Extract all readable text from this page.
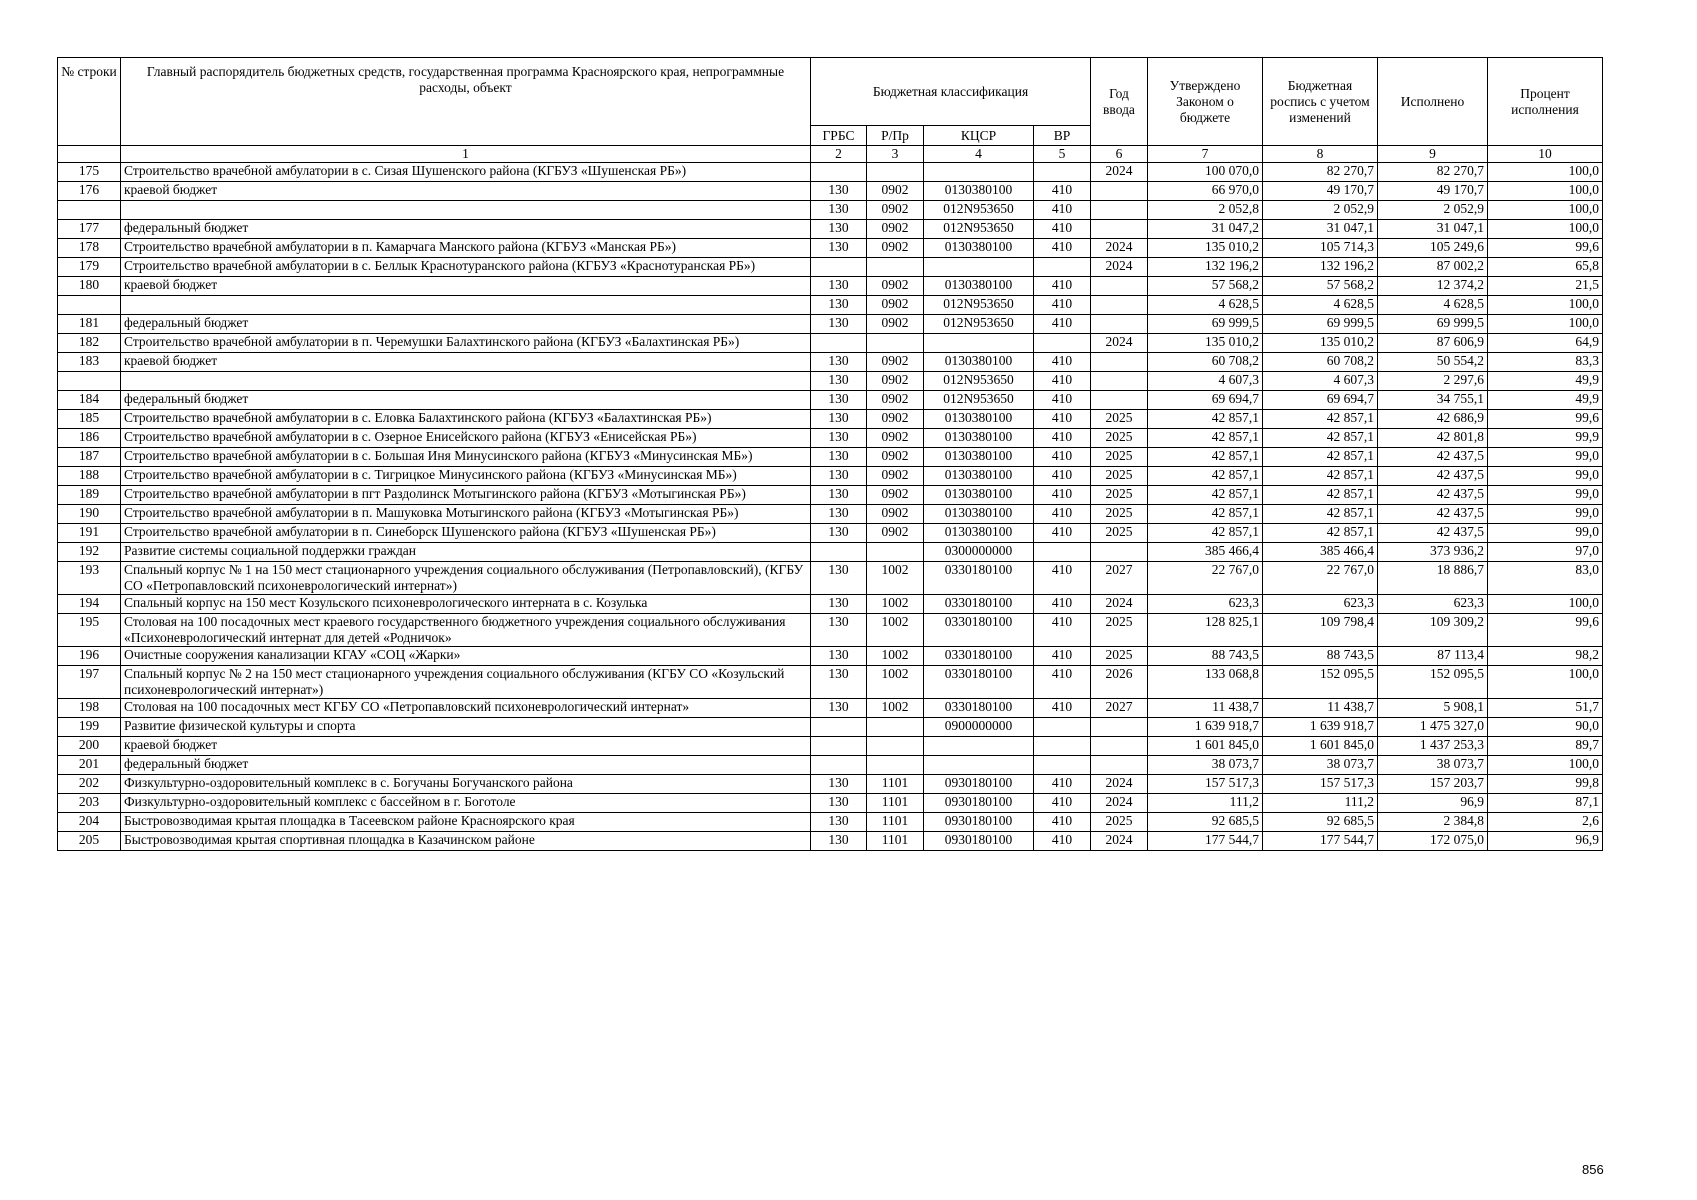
№ строки	Главный распорядитель бюджетных средств, государственная программа Красноярского края, непрограммные расходы, объект	Бюджетная классификация				Год ввода	Утверждено Законом о бюджете	Бюджетная роспись с учетом изменений	Исполнено	Процент исполнения
		ГРБС	Р/Пр	КЦСР	ВР					
	1	2	3	4	5	6	7	8	9	10
175	Строительство врачебной амбулатории в с. Сизая Шушенского района (КГБУЗ «Шушенская РБ»)					2024	100 070,0	82 270,7	82 270,7	100,0
176	краевой бюджет	130	0902	0130380100	410		66 970,0	49 170,7	49 170,7	100,0
		130	0902	012N953650	410		2 052,8	2 052,9	2 052,9	100,0
177	федеральный бюджет	130	0902	012N953650	410		31 047,2	31 047,1	31 047,1	100,0
178	Строительство врачебной амбулатории в п. Камарчага Манского района (КГБУЗ «Манская РБ»)	130	0902	0130380100	410	2024	135 010,2	105 714,3	105 249,6	99,6
179	Строительство врачебной амбулатории в с. Беллык Краснотуранского района (КГБУЗ «Краснотуранская РБ»)					2024	132 196,2	132 196,2	87 002,2	65,8
180	краевой бюджет	130	0902	0130380100	410		57 568,2	57 568,2	12 374,2	21,5
		130	0902	012N953650	410		4 628,5	4 628,5	4 628,5	100,0
181	федеральный бюджет	130	0902	012N953650	410		69 999,5	69 999,5	69 999,5	100,0
182	Строительство врачебной амбулатории в п. Черемушки Балахтинского района (КГБУЗ «Балахтинская РБ»)					2024	135 010,2	135 010,2	87 606,9	64,9
183	краевой бюджет	130	0902	0130380100	410		60 708,2	60 708,2	50 554,2	83,3
		130	0902	012N953650	410		4 607,3	4 607,3	2 297,6	49,9
184	федеральный бюджет	130	0902	012N953650	410		69 694,7	69 694,7	34 755,1	49,9
185	Строительство врачебной амбулатории в с. Еловка Балахтинского района (КГБУЗ «Балахтинская РБ»)	130	0902	0130380100	410	2025	42 857,1	42 857,1	42 686,9	99,6
186	Строительство врачебной амбулатории в с. Озерное Енисейского района (КГБУЗ «Енисейская РБ»)	130	0902	0130380100	410	2025	42 857,1	42 857,1	42 801,8	99,9
187	Строительство врачебной амбулатории в с. Большая Иня Минусинского района (КГБУЗ «Минусинская МБ»)	130	0902	0130380100	410	2025	42 857,1	42 857,1	42 437,5	99,0
188	Строительство врачебной амбулатории в с. Тигрицкое Минусинского района (КГБУЗ «Минусинская МБ»)	130	0902	0130380100	410	2025	42 857,1	42 857,1	42 437,5	99,0
189	Строительство врачебной амбулатории в пгт Раздолинск Мотыгинского района (КГБУЗ «Мотыгинская РБ»)	130	0902	0130380100	410	2025	42 857,1	42 857,1	42 437,5	99,0
190	Строительство врачебной амбулатории в п. Машуковка Мотыгинского района (КГБУЗ «Мотыгинская РБ»)	130	0902	0130380100	410	2025	42 857,1	42 857,1	42 437,5	99,0
191	Строительство врачебной амбулатории в п. Синеборск Шушенского района (КГБУЗ «Шушенская РБ»)	130	0902	0130380100	410	2025	42 857,1	42 857,1	42 437,5	99,0
192	Развитие системы социальной поддержки граждан			0300000000			385 466,4	385 466,4	373 936,2	97,0
193	Спальный корпус № 1 на 150 мест стационарного учреждения социального обслуживания (Петропавловский), (КГБУ СО «Петропавловский психоневрологический интернат»)	130	1002	0330180100	410	2027	22 767,0	22 767,0	18 886,7	83,0
194	Спальный корпус на 150 мест Козульского психоневрологического интерната в с. Козулька	130	1002	0330180100	410	2024	623,3	623,3	623,3	100,0
195	Столовая на 100 посадочных мест краевого государственного бюджетного учреждения социального обслуживания «Психоневрологический интернат для детей «Родничок»	130	1002	0330180100	410	2025	128 825,1	109 798,4	109 309,2	99,6
196	Очистные сооружения канализации КГАУ «СОЦ «Жарки»	130	1002	0330180100	410	2025	88 743,5	88 743,5	87 113,4	98,2
197	Спальный корпус № 2 на 150 мест стационарного учреждения социального обслуживания (КГБУ СО «Козульский психоневрологический интернат»)	130	1002	0330180100	410	2026	133 068,8	152 095,5	152 095,5	100,0
198	Столовая на 100 посадочных мест КГБУ СО «Петропавловский психоневрологический интернат»	130	1002	0330180100	410	2027	11 438,7	11 438,7	5 908,1	51,7
199	Развитие физической культуры и спорта			0900000000			1 639 918,7	1 639 918,7	1 475 327,0	90,0
200	краевой бюджет						1 601 845,0	1 601 845,0	1 437 253,3	89,7
201	федеральный бюджет						38 073,7	38 073,7	38 073,7	100,0
202	Физкультурно-оздоровительный комплекс в с. Богучаны Богучанского района	130	1101	0930180100	410	2024	157 517,3	157 517,3	157 203,7	99,8
203	Физкультурно-оздоровительный комплекс с бассейном в г. Боготоле	130	1101	0930180100	410	2024	111,2	111,2	96,9	87,1
204	Быстровозводимая крытая площадка в Тасеевском районе Красноярского края	130	1101	0930180100	410	2025	92 685,5	92 685,5	2 384,8	2,6
205	Быстровозводимая крытая спортивная площадка в Казачинском районе	130	1101	0930180100	410	2024	177 544,7	177 544,7	172 075,0	96,9
856
